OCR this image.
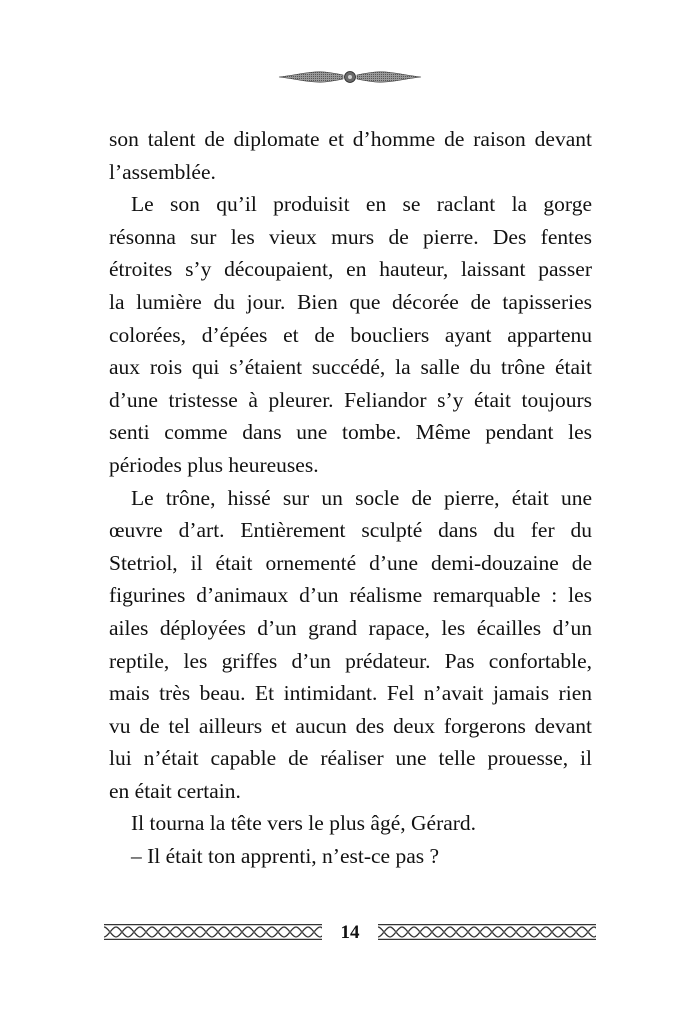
son talent de diplomate et d’homme de raison devant
l’assemblée.
Le son qu’il produisit en se raclant la gorge
résonna sur les vieux murs de pierre. Des fentes
étroites s’y découpaient, en hauteur, laissant passer
la lumière du jour. Bien que décorée de tapisseries
colorées, d’épées et de boucliers ayant appartenu
aux rois qui s’étaient succédé, la salle du trône était
d’une tristesse à pleurer. Feliandor s’y était toujours
senti comme dans une tombe. Même pendant les
périodes plus heureuses.
Le trône, hissé sur un socle de pierre, était une
œuvre d’art. Entièrement sculpté dans du fer du
Stetriol, il était ornementé d’une demi-douzaine de
figurines d’animaux d’un réalisme remarquable : les
ailes déployées d’un grand rapace, les écailles d’un
reptile, les griffes d’un prédateur. Pas confortable,
mais très beau. Et intimidant. Fel n’avait jamais rien
vu de tel ailleurs et aucun des deux forgerons devant
lui n’était capable de réaliser une telle prouesse, il
en était certain.
Il tourna la tête vers le plus âgé, Gérard.
– Il était ton apprenti, n’est-ce pas ?
14
